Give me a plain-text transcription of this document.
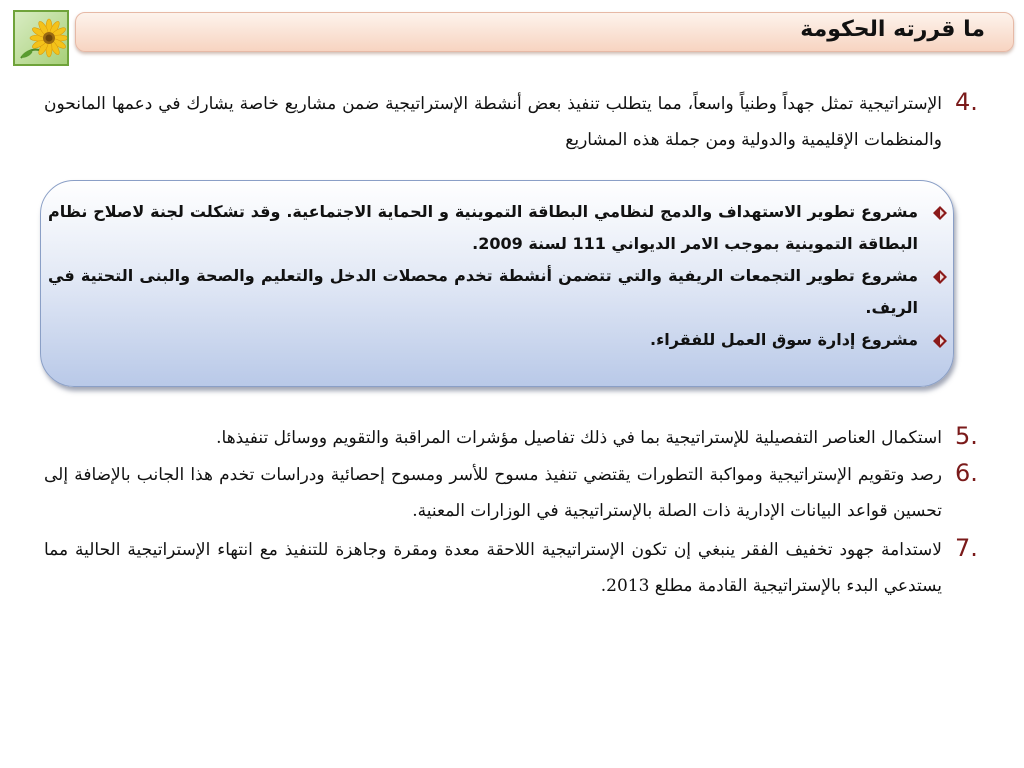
ما قررته الحكومة
4.
الإستراتيجية تمثل جهداً وطنياً واسعاً، مما يتطلب تنفيذ بعض أنشطة الإستراتيجية ضمن مشاريع خاصة يشارك في دعمها المانحون والمنظمات الإقليمية والدولية ومن جملة هذه المشاريع
مشروع تطوير الاستهداف والدمج لنظامي البطاقة التموينية و الحماية الاجتماعية. وقد تشكلت لجنة لاصلاح نظام البطاقة التموينية بموجب الامر الديواني 111 لسنة 2009.
مشروع تطوير التجمعات الريفية والتي تتضمن أنشطة تخدم محصلات الدخل والتعليم والصحة والبنى التحتية في الريف.
مشروع إدارة سوق العمل للفقراء.
5.
استكمال العناصر التفصيلية للإستراتيجية بما في ذلك تفاصيل مؤشرات المراقبة والتقويم ووسائل تنفيذها.
6.
رصد وتقويم الإستراتيجية ومواكبة التطورات يقتضي تنفيذ مسوح للأسر ومسوح إحصائية ودراسات تخدم هذا الجانب بالإضافة إلى تحسين قواعد البيانات الإدارية ذات الصلة بالإستراتيجية في الوزارات المعنية.
7.
لاستدامة جهود تخفيف الفقر ينبغي إن تكون الإستراتيجية اللاحقة معدة ومقرة وجاهزة للتنفيذ مع انتهاء الإستراتيجية الحالية مما يستدعي البدء بالإستراتيجية القادمة مطلع 2013.
